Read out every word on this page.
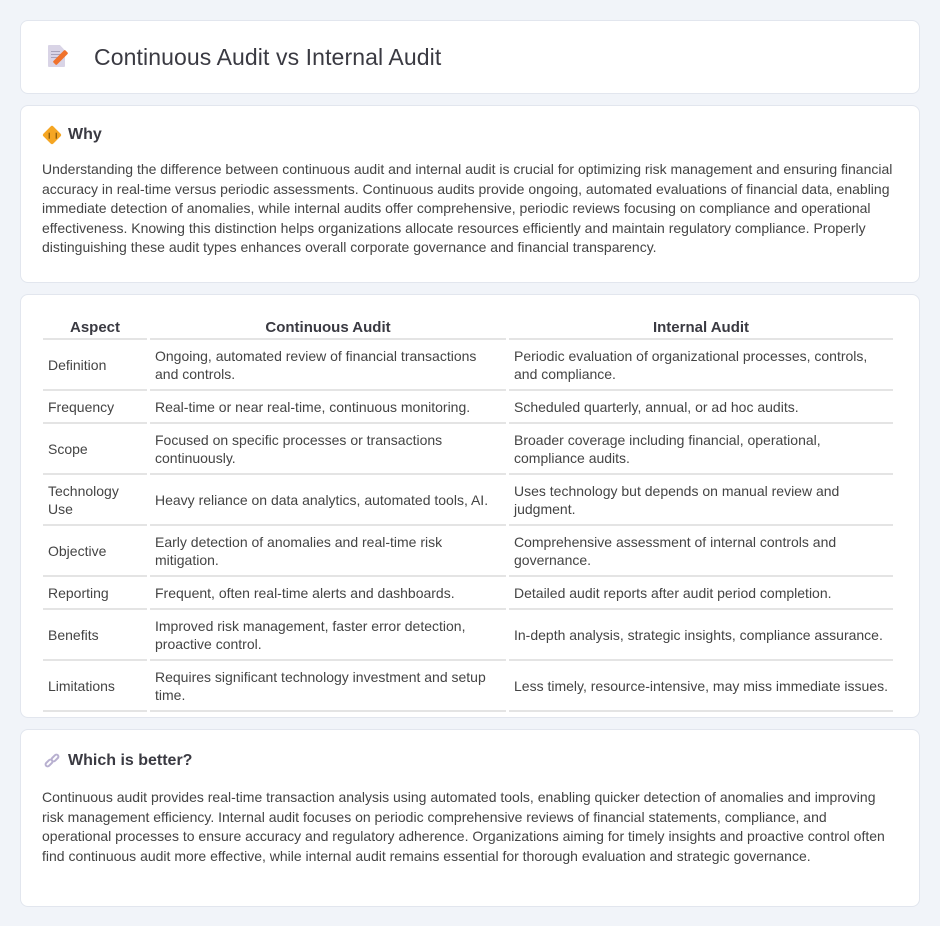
Continuous Audit vs Internal Audit
Why

Understanding the difference between continuous audit and internal audit is crucial for optimizing risk management and ensuring financial accuracy in real-time versus periodic assessments. Continuous audits provide ongoing, automated evaluations of financial data, enabling immediate detection of anomalies, while internal audits offer comprehensive, periodic reviews focusing on compliance and operational effectiveness. Knowing this distinction helps organizations allocate resources efficiently and maintain regulatory compliance. Properly distinguishing these audit types enhances overall corporate governance and financial transparency.

Aspect	Continuous Audit	Internal Audit
Definition	Ongoing, automated review of financial transactions and controls.	Periodic evaluation of organizational processes, controls, and compliance.
Frequency	Real-time or near real-time, continuous monitoring.	Scheduled quarterly, annual, or ad hoc audits.
Scope	Focused on specific processes or transactions continuously.	Broader coverage including financial, operational, compliance audits.
Technology Use	Heavy reliance on data analytics, automated tools, AI.	Uses technology but depends on manual review and judgment.
Objective	Early detection of anomalies and real-time risk mitigation.	Comprehensive assessment of internal controls and governance.
Reporting	Frequent, often real-time alerts and dashboards.	Detailed audit reports after audit period completion.
Benefits	Improved risk management, faster error detection, proactive control.	In-depth analysis, strategic insights, compliance assurance.
Limitations	Requires significant technology investment and setup time.	Less timely, resource-intensive, may miss immediate issues.
Which is better?

Continuous audit provides real-time transaction analysis using automated tools, enabling quicker detection of anomalies and improving risk management efficiency. Internal audit focuses on periodic comprehensive reviews of financial statements, compliance, and operational processes to ensure accuracy and regulatory adherence. Organizations aiming for timely insights and proactive control often find continuous audit more effective, while internal audit remains essential for thorough evaluation and strategic governance.
